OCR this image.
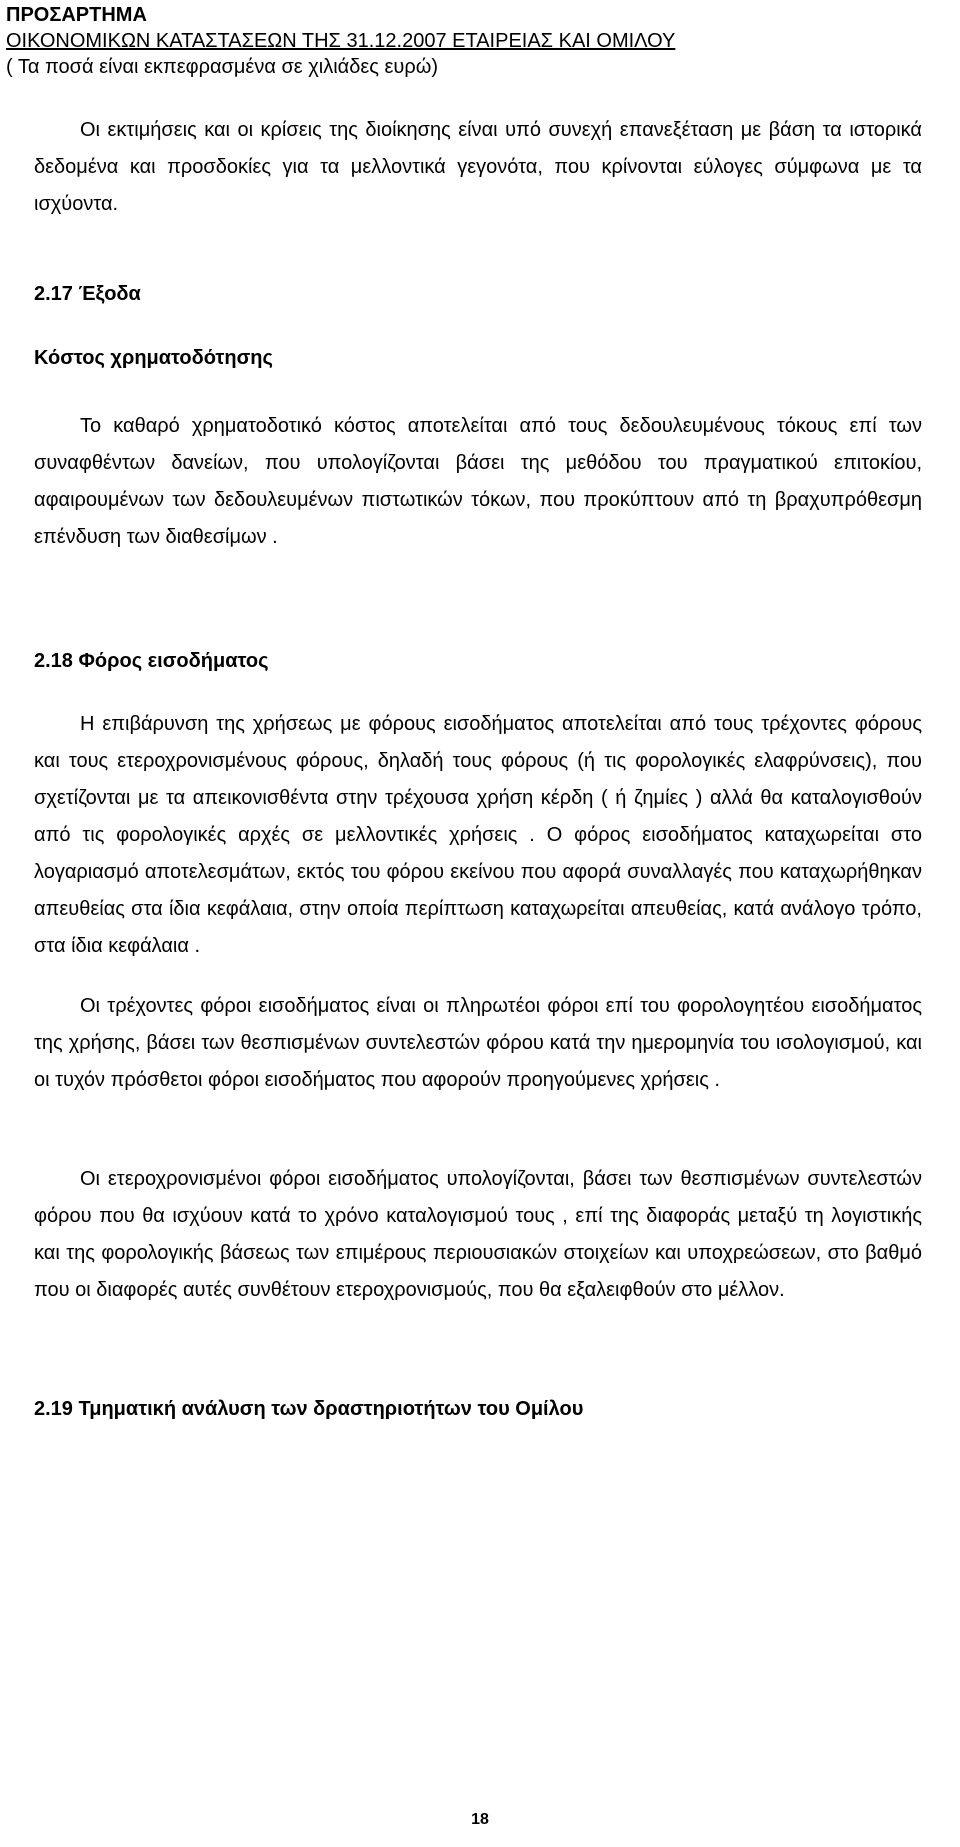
ΠΡΟΣΑΡΤΗΜΑ
ΟΙΚΟΝΟΜΙΚΩΝ ΚΑΤΑΣΤΑΣΕΩΝ ΤΗΣ 31.12.2007 ΕΤΑΙΡΕΙΑΣ ΚΑΙ ΟΜΙΛΟΥ
( Τα ποσά είναι εκπεφρασμένα σε χιλιάδες ευρώ)

Οι εκτιμήσεις και οι κρίσεις της διοίκησης είναι υπό συνεχή επανεξέταση με βάση τα ιστορικά δεδομένα και προσδοκίες για τα μελλοντικά γεγονότα, που κρίνονται εύλογες σύμφωνα με τα ισχύοντα.

2.17 Έξοδα
Κόστος χρηματοδότησης

Το καθαρό χρηματοδοτικό κόστος αποτελείται από τους δεδουλευμένους τόκους επί των συναφθέντων δανείων, που υπολογίζονται βάσει της μεθόδου του πραγματικού επιτοκίου, αφαιρουμένων των δεδουλευμένων πιστωτικών τόκων, που προκύπτουν από τη βραχυπρόθεσμη επένδυση των διαθεσίμων .

2.18 Φόρος εισοδήματος

Η επιβάρυνση της χρήσεως με φόρους εισοδήματος αποτελείται από τους τρέχοντες φόρους και τους ετεροχρονισμένους φόρους, δηλαδή τους φόρους (ή τις φορολογικές ελαφρύνσεις), που σχετίζονται με τα απεικονισθέντα στην τρέχουσα χρήση κέρδη ( ή ζημίες ) αλλά θα καταλογισθούν από τις φορολογικές αρχές σε μελλοντικές χρήσεις . Ο φόρος εισοδήματος καταχωρείται στο λογαριασμό αποτελεσμάτων, εκτός του φόρου εκείνου που αφορά συναλλαγές που καταχωρήθηκαν απευθείας στα ίδια κεφάλαια, στην οποία περίπτωση καταχωρείται απευθείας, κατά ανάλογο τρόπο, στα ίδια κεφάλαια .

Οι τρέχοντες φόροι εισοδήματος είναι οι πληρωτέοι φόροι επί του φορολογητέου εισοδήματος της χρήσης, βάσει των θεσπισμένων συντελεστών φόρου κατά την ημερομηνία του ισολογισμού, και οι τυχόν πρόσθετοι φόροι εισοδήματος που αφορούν προηγούμενες χρήσεις .

Οι ετεροχρονισμένοι φόροι εισοδήματος υπολογίζονται, βάσει των θεσπισμένων συντελεστών φόρου που θα ισχύουν κατά το χρόνο καταλογισμού τους , επί της διαφοράς μεταξύ τη λογιστικής και της φορολογικής βάσεως των επιμέρους περιουσιακών στοιχείων και υποχρεώσεων, στο βαθμό που οι διαφορές αυτές συνθέτουν ετεροχρονισμούς, που θα εξαλειφθούν στο μέλλον.

2.19 Τμηματική ανάλυση των δραστηριοτήτων του Ομίλου
18
